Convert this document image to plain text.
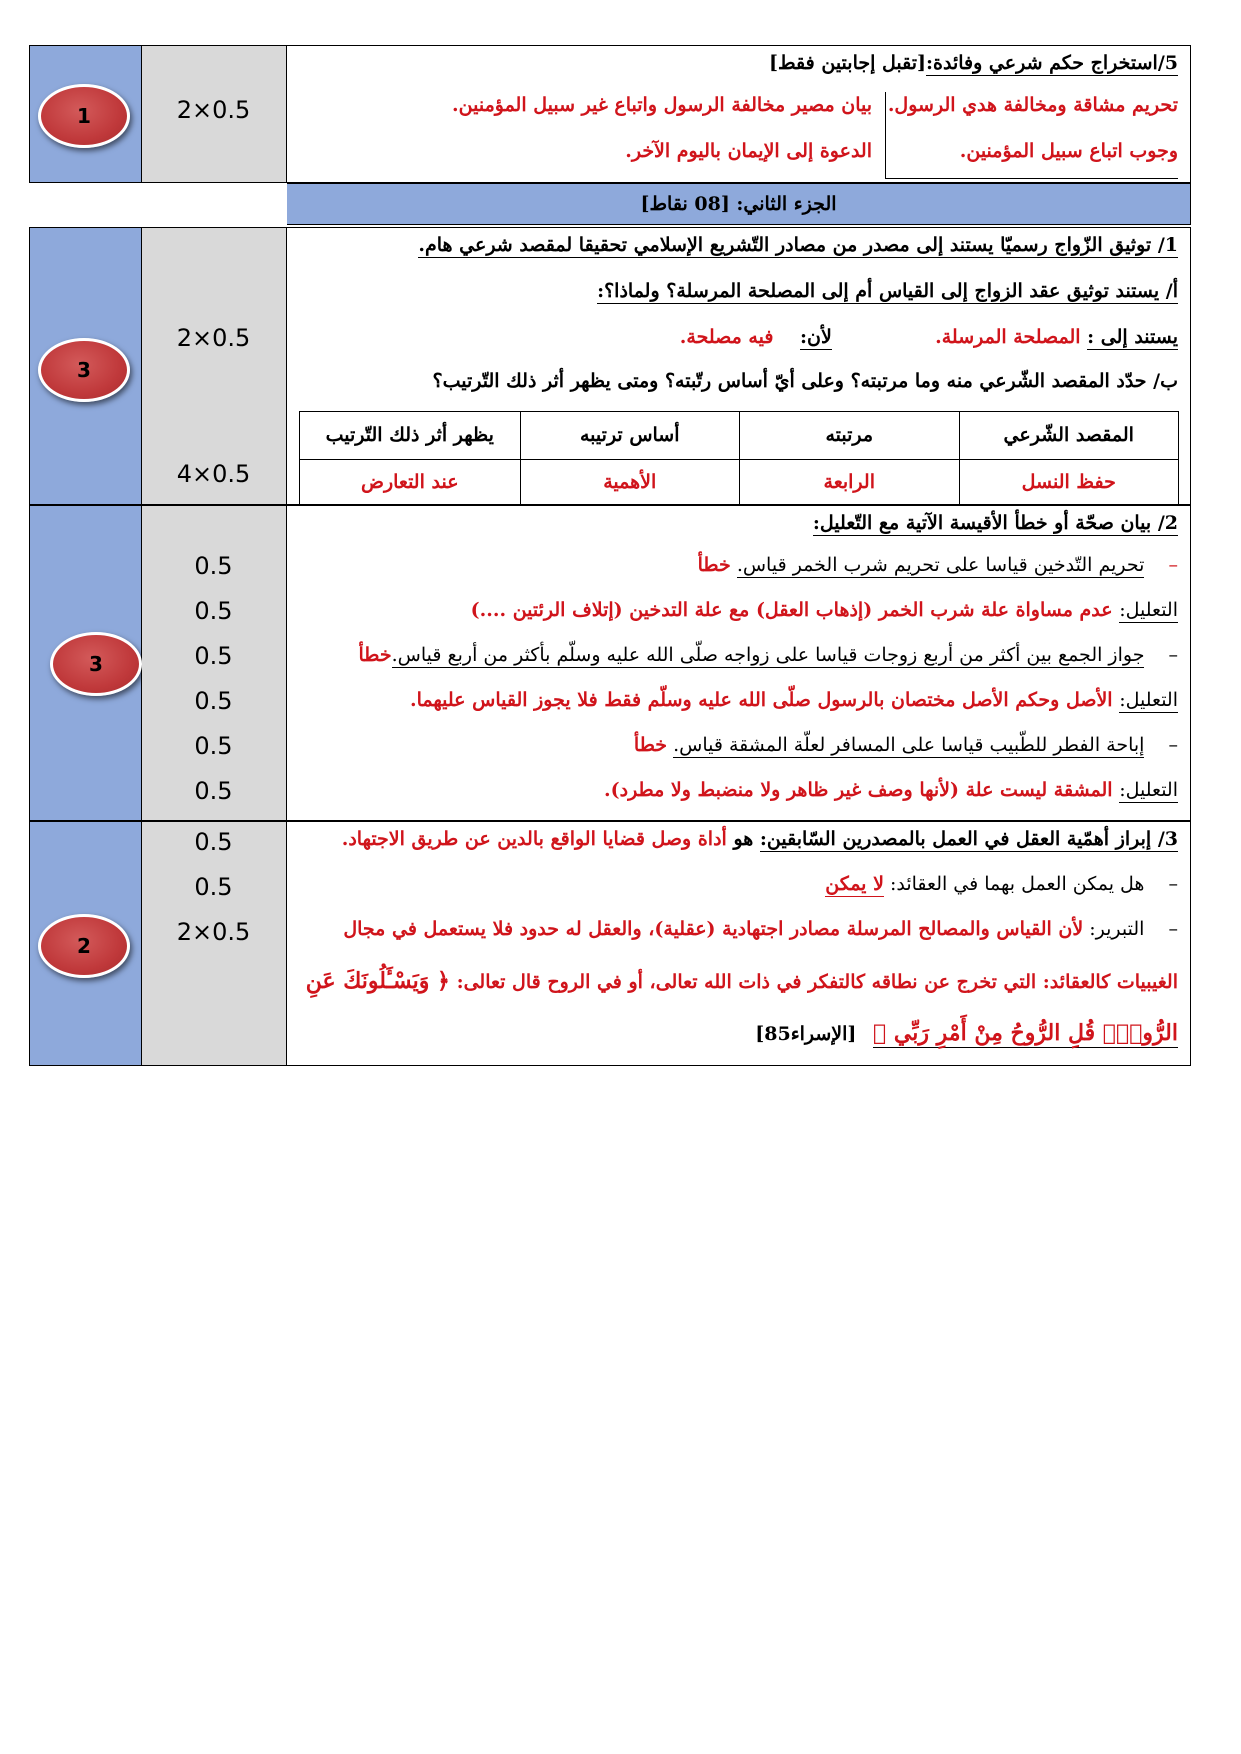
1	2×0.5
5/استخراج حكم شرعي وفائدة:[تقبل إجابتين فقط]
تحريم مشاقة ومخالفة هدي الرسول.
وجوب اتباع سبيل المؤمنين.
بيان مصير مخالفة الرسول واتباع غير سبيل المؤمنين.
الدعوة إلى الإيمان باليوم الآخر.
الجزء الثاني: [08 نقاط]
3
2×0.5
4×0.5
1/ توثيق الزّواج رسميّا يستند إلى مصدر من مصادر التّشريع الإسلامي تحقيقا لمقصد شرعي هام.
أ/ يستند توثيق عقد الزواج إلى القياس أم إلى المصلحة المرسلة؟ ولماذا؟:
يستند إلى : المصلحة المرسلة.  لأن: فيه مصلحة.
ب/ حدّد المقصد الشّرعي منه وما مرتبته؟ وعلى أيّ أساس رتّبته؟ ومتى يظهر أثر ذلك التّرتيب؟
المقصد الشّرعي
مرتبته
أساس ترتيبه
يظهر أثر ذلك التّرتيب
حفظ النسل
الرابعة
الأهمية
عند التعارض
3
0.5
0.5
0.5
0.5
0.5
0.5
2/ بيان صحّة أو خطأ الأقيسة الآتية مع التّعليل:
– تحريم التّدخين قياسا على تحريم شرب الخمر قياس. خطأ
التعليل: عدم مساواة علة شرب الخمر (إذهاب العقل) مع علة التدخين (إتلاف الرئتين ....)
– جواز الجمع بين أكثر من أربع زوجات قياسا على زواجه صلّى الله عليه وسلّم بأكثر من أربع قياس.خطأ
التعليل: الأصل وحكم الأصل مختصان بالرسول صلّى الله عليه وسلّم فقط فلا يجوز القياس عليهما.
– إباحة الفطر للطّبيب قياسا على المسافر لعلّة المشقة قياس. خطأ
التعليل: المشقة ليست علة (لأنها وصف غير ظاهر ولا منضبط ولا مطرد).
2
0.5
0.5
2×0.5
3/ إبراز أهمّية العقل في العمل بالمصدرين السّابقين: هو أداة وصل قضايا الواقع بالدين عن طريق الاجتهاد.
– هل يمكن العمل بهما في العقائد: لا يمكن
– التبرير: لأن القياس والمصالح المرسلة مصادر اجتهادية (عقلية)، والعقل له حدود فلا يستعمل في مجال
الغيبيات كالعقائد: التي تخرج عن نطاقه كالتفكر في ذات الله تعالى، أو في الروح قال تعالى: ﴿ وَيَسْـَٔلُونَكَ عَنِ
الرُّوحِۖ قُلِ الرُّوحُ مِنْ أَمْرِ رَبِّي ﴾ [الإسراء85]
